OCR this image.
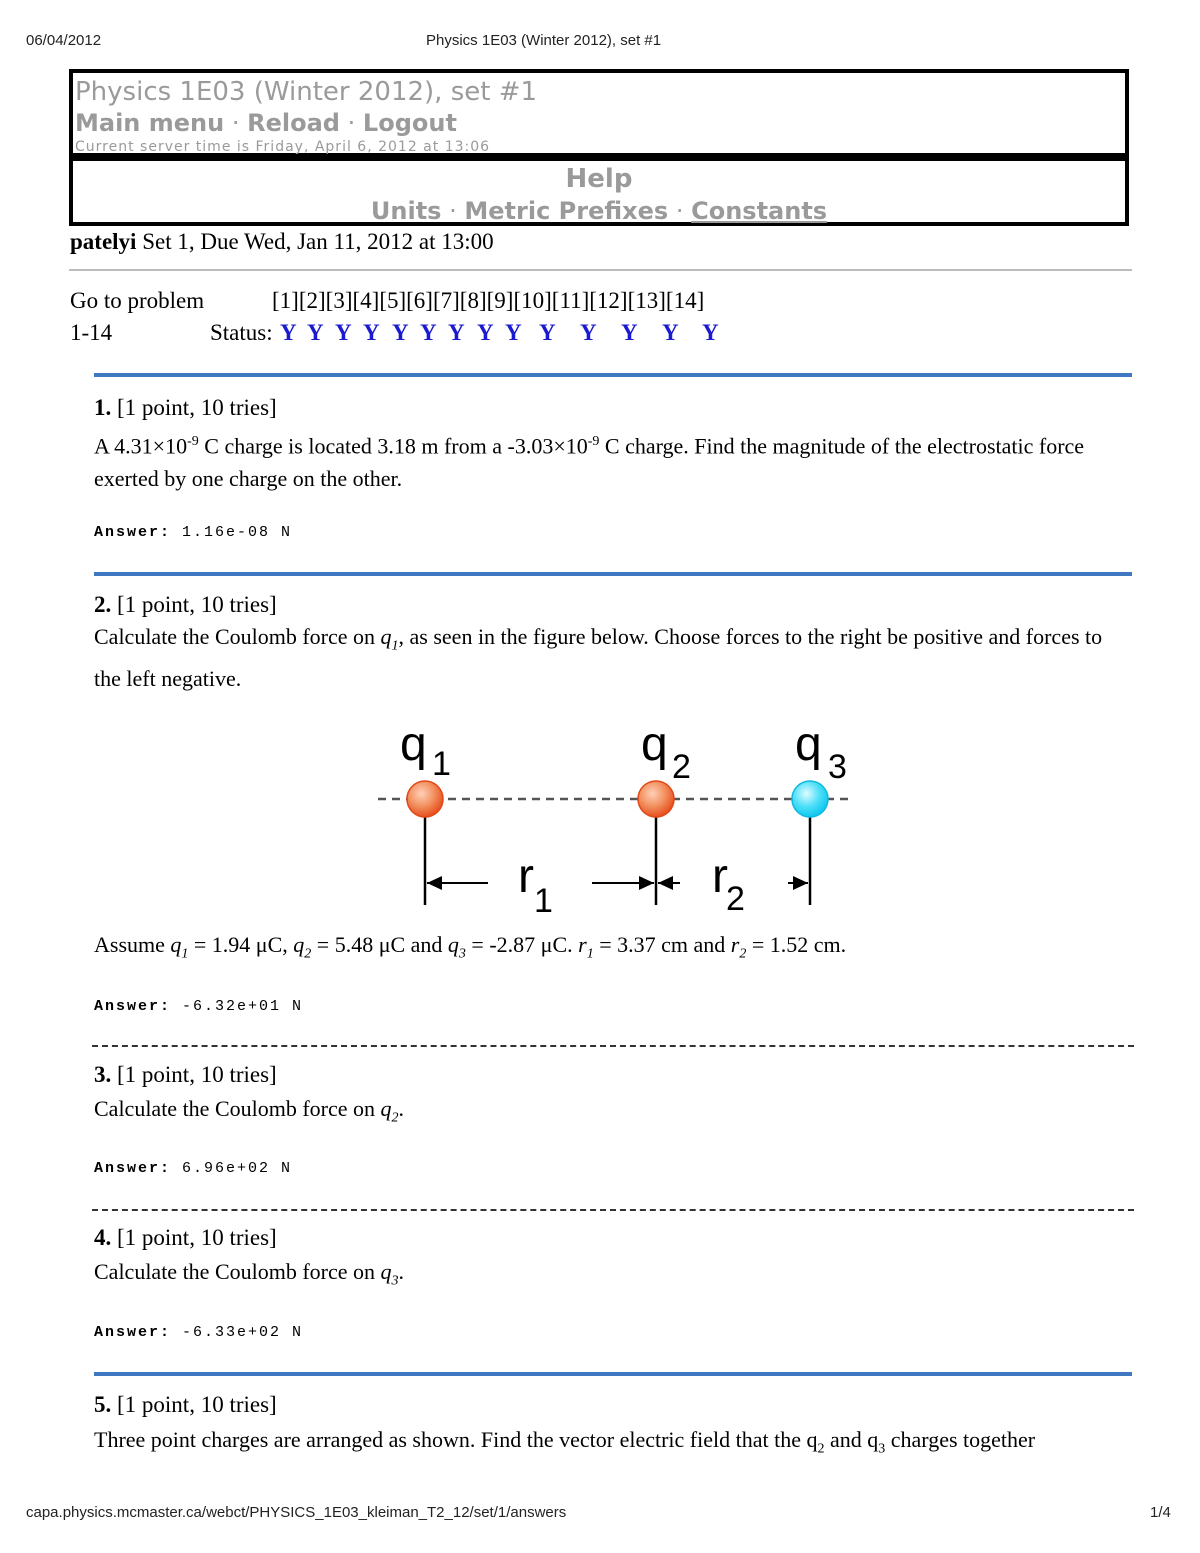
06/04/2012	Physics 1E03 (Winter 2012), set #1
Physics 1E03 (Winter 2012), set #1
Main menu · Reload · Logout
Current server time is Friday, April 6, 2012 at 13:06
Help
Units · Metric Prefixes · Constants
patelyi Set 1, Due Wed, Jan 11, 2012 at 13:00
Go to problem
1-14	Status:
[1][2][3][4][5][6][7][8][9][10][11][12][13][14]
Y Y Y Y Y Y Y Y Y Y Y Y Y Y
1. [1 point, 10 tries]
A $4.31\times 10^{-9}$ C charge is located 3.18 m from a $-3.03\times 10^{-9}$ C charge. Find the magnitude of the electrostatic force exerted by one charge on the other.
Answer: 1.16e-08 N
2. [1 point, 10 tries]
Calculate the Coulomb force on $q_1$, as seen in the figure below. Choose forces to the right be positive and forces to the left negative.
q 1	q 2 q 3
r 1	r
2
Assume $q_1 = 1.94$ μC, $q_2 = 5.48$ μC and $q_3 = -2.87$ μC. $r_1 = 3.37$ cm and $r_2 = 1.52$ cm.
Answer: -6.32e+01 N
3. [1 point, 10 tries]
Calculate the Coulomb force on $q_2$.
Answer: 6.96e+02 N
4. [1 point, 10 tries]
Calculate the Coulomb force on $q_3$.
Answer: -6.33e+02 N
5. [1 point, 10 tries]
Three point charges are arranged as shown. Find the vector electric field that the $q_2$ and $q_3$ charges together
capa.physics.mcmaster.ca/webct/PHYSICS_1E03_kleiman_T2_12/set/1/answers	1/4
